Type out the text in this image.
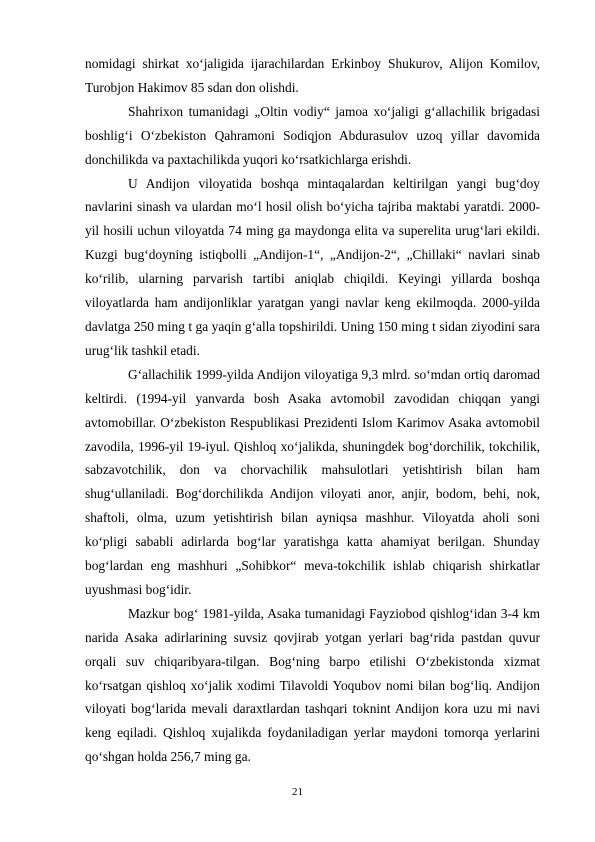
nomidagi shirkat xo‘jaligida ijarachilardan Erkinboy Shukurov, Alijon Komilov, Turobjon Hakimov 85 sdan don olishdi.

Shahrixon tumanidagi „Oltin vodiy“ jamoa xo‘jaligi g‘allachilik brigadasi boshlig‘i O‘zbekiston Qahramoni Sodiqjon Abdurasulov uzoq yillar davomida donchilikda va paxtachilikda yuqori ko‘rsatkichlarga erishdi.

U Andijon viloyatida boshqa mintaqalardan keltirilgan yangi bug‘doy navlarini sinash va ulardan mo‘l hosil olish bo‘yicha tajriba maktabi yaratdi. 2000-yil hosili uchun viloyatda 74 ming ga maydonga elita va superelita urug‘lari ekildi. Kuzgi bug‘doyning istiqbolli „Andijon-1“, „Andijon-2“, „Chillaki“ navlari sinab ko‘rilib, ularning parvarish tartibi aniqlab chiqildi. Keyingi yillarda boshqa viloyatlarda ham andijonliklar yaratgan yangi navlar keng ekilmoqda. 2000-yilda davlatga 250 ming t ga yaqin g‘alla topshirildi. Uning 150 ming t sidan ziyodini sara urug‘lik tashkil etadi.

G‘allachilik 1999-yilda Andijon viloyatiga 9,3 mlrd. so‘mdan ortiq daromad keltirdi. (1994-yil yanvarda bosh Asaka avtomobil zavodidan chiqqan yangi avtomobillar. O‘zbekiston Respublikasi Prezidenti Islom Karimov Asaka avtomobil zavodila, 1996-yil 19-iyul. Qishloq xo‘jalikda, shuningdek bog‘dorchilik, tokchilik, sabzavotchilik, don va chorvachilik mahsulotlari yetishtirish bilan ham shug‘ullaniladi. Bog‘dorchilikda Andijon viloyati anor, anjir, bodom, behi, nok, shaftoli, olma, uzum yetishtirish bilan ayniqsa mashhur. Viloyatda aholi soni ko‘pligi sababli adirlarda bog‘lar yaratishga katta ahamiyat berilgan. Shunday bog‘lardan eng mashhuri „Sohibkor“ meva-tokchilik ishlab chiqarish shirkatlar uyushmasi bog‘idir.

Mazkur bog‘ 1981-yilda, Asaka tumanidagi Fayziobod qishlog‘idan 3-4 km narida Asaka adirlarining suvsiz qovjirab yotgan yerlari bag‘rida pastdan quvur orqali suv chiqaribyara-tilgan. Bog‘ning barpo etilishi O‘zbekistonda xizmat ko‘rsatgan qishloq xo‘jalik xodimi Tilavoldi Yoqubov nomi bilan bog‘liq. Andijon viloyati bog‘larida mevali daraxtlardan tashqari toknint Andijon kora uzu mi navi keng eqiladi. Qishloq xujalikda foydaniladigan yerlar maydoni tomorqa yerlarini qo‘shgan holda 256,7 ming ga.

21
